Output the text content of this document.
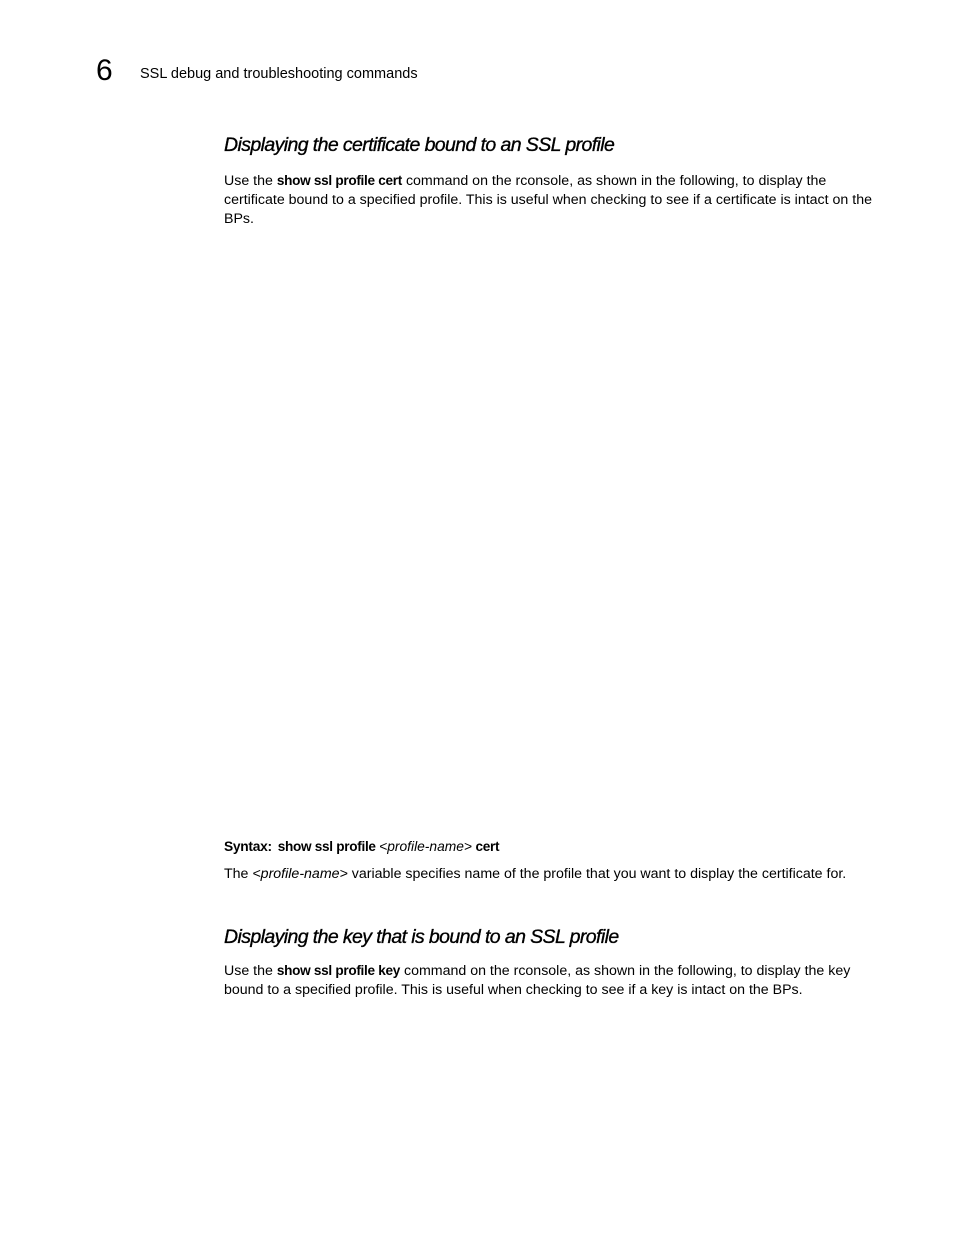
6 SSL debug and troubleshooting commands
Displaying the certificate bound to an SSL profile

Use the show ssl profile cert command on the rconsole, as shown in the following, to display the certificate bound to a specified profile. This is useful when checking to see if a certificate is intact on the BPs.

Syntax: show ssl profile <profile-name> cert

The <profile-name> variable specifies name of the profile that you want to display the certificate for.

Displaying the key that is bound to an SSL profile

Use the show ssl profile key command on the rconsole, as shown in the following, to display the key bound to a specified profile. This is useful when checking to see if a key is intact on the BPs.
